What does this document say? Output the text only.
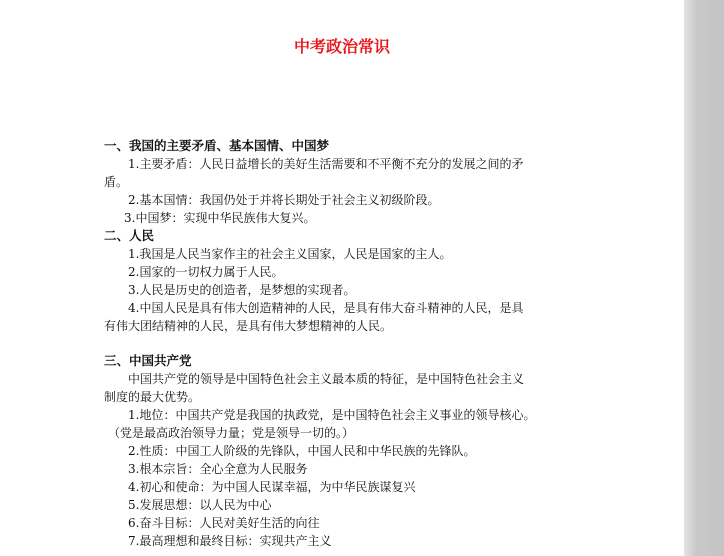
中考政治常识
一、我国的主要矛盾、基本国情、中国梦
1.主要矛盾：人民日益增长的美好生活需要和不平衡不充分的发展之间的矛
盾。
2.基本国情：我国仍处于并将长期处于社会主义初级阶段。
3.中国梦：实现中华民族伟大复兴。
二、人民
1.我国是人民当家作主的社会主义国家，人民是国家的主人。
2.国家的一切权力属于人民。
3.人民是历史的创造者，是梦想的实现者。
4.中国人民是具有伟大创造精神的人民，是具有伟大奋斗精神的人民，是具
有伟大团结精神的人民，是具有伟大梦想精神的人民。
三、中国共产党
中国共产党的领导是中国特色社会主义最本质的特征，是中国特色社会主义
制度的最大优势。
1.地位：中国共产党是我国的执政党，是中国特色社会主义事业的领导核心。
（党是最高政治领导力量；党是领导一切的。）
2.性质：中国工人阶级的先锋队，中国人民和中华民族的先锋队。
3.根本宗旨：全心全意为人民服务
4.初心和使命：为中国人民谋幸福，为中华民族谋复兴
5.发展思想：以人民为中心
6.奋斗目标：人民对美好生活的向往
7.最高理想和最终目标：实现共产主义
